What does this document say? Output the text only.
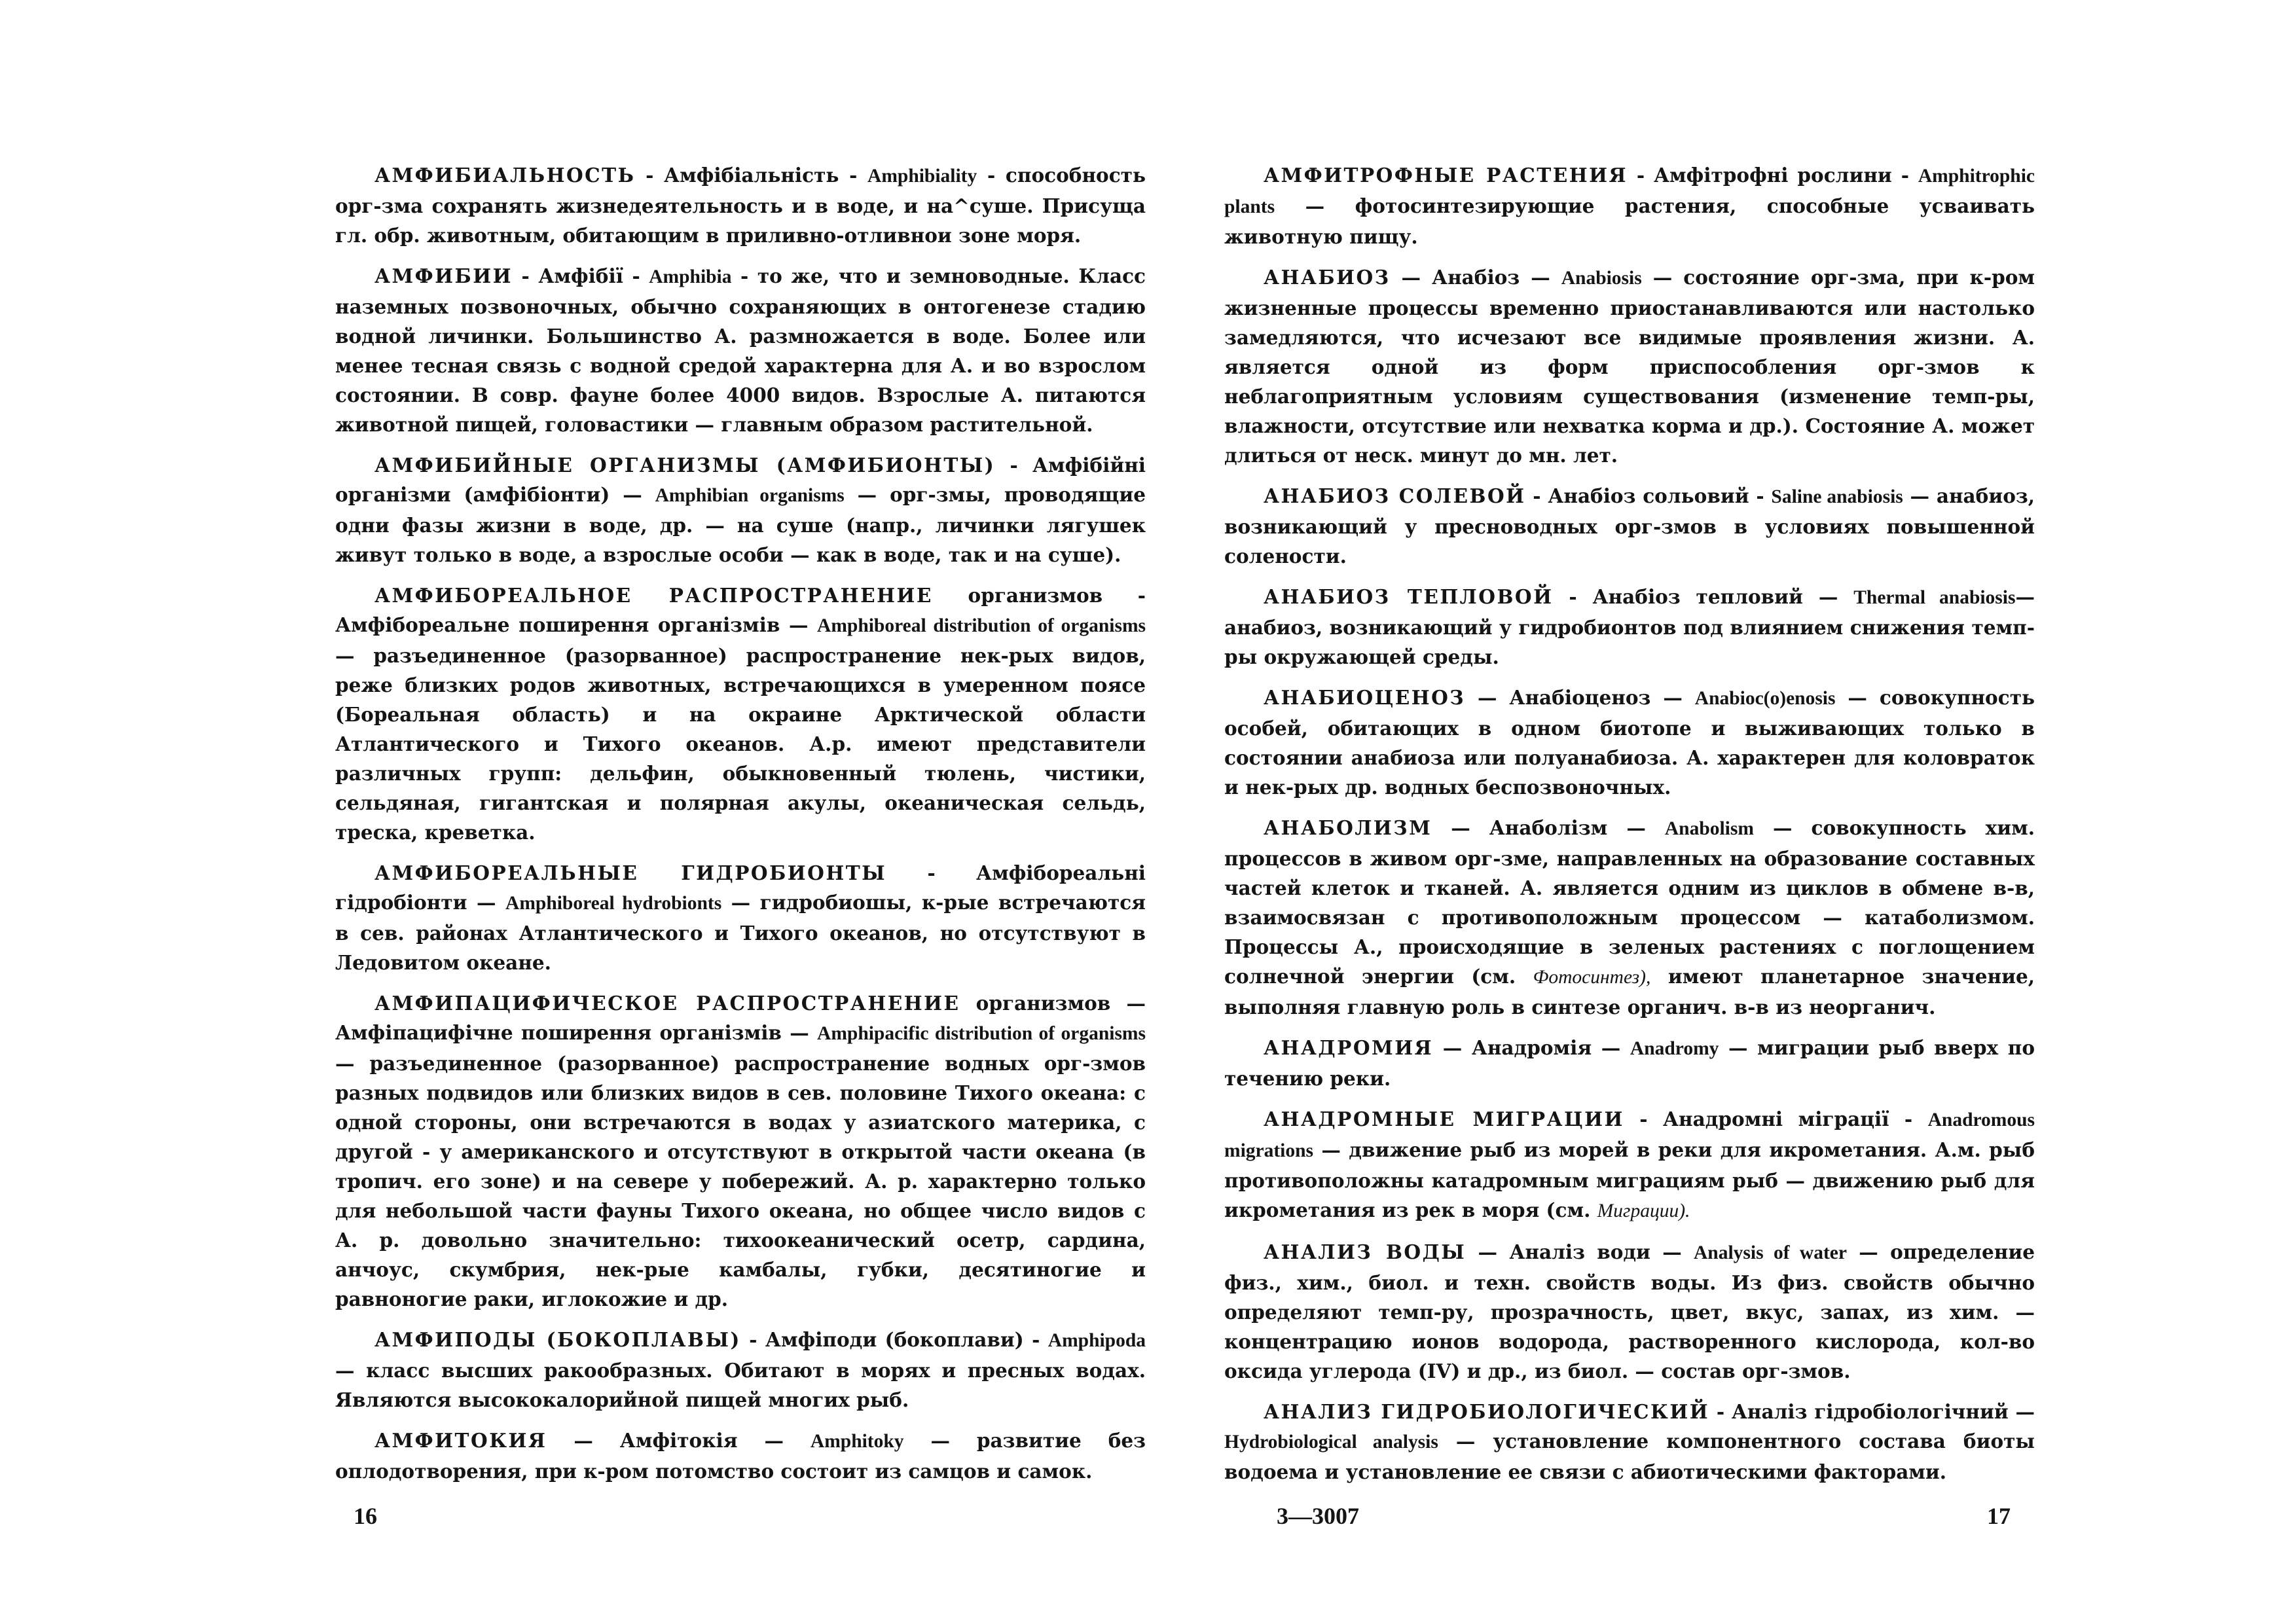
АМФИБИАЛЬНОСТЬ - Амфібіальність - Amphibiality - способность орг-зма сохранять жизнедеятельность и в воде, и на^суше. Присуща гл. обр. животным, обитающим в приливно-отливнои зоне моря.

АМФИБИИ - Амфібії - Amphibia - то же, что и земноводные. Класс наземных позвоночных, обычно сохраняющих в онтогенезе стадию водной личинки. Большинство А. размножается в воде. Более или менее тесная связь с водной средой характерна для А. и во взрослом состоянии. В совр. фауне более 4000 видов. Взрослые А. питаются животной пищей, головастики — главным образом растительной.

АМФИБИЙНЫЕ ОРГАНИЗМЫ (АМФИБИОНТЫ) - Амфібійні організми (амфібіонти) — Amphibian organisms — орг-змы, проводящие одни фазы жизни в воде, др. — на суше (напр., личинки лягушек живут только в воде, а взрослые особи — как в воде, так и на суше).

АМФИБОРЕАЛЬНОЕ РАСПРОСТРАНЕНИЕ организмов - Амфібореальне поширення організмів — Amphiboreal distribution of organisms — разъединенное (разорванное) распространение нек-рых видов, реже близких родов животных, встречающихся в умеренном поясе (Бореальная область) и на окраине Арктической области Атлантического и Тихого океанов. А.р. имеют представители различных групп: дельфин, обыкновенный тюлень, чистики, сельдяная, гигантская и полярная акулы, океаническая сельдь, треска, креветка.

АМФИБОРЕАЛЬНЫЕ ГИДРОБИОНТЫ - Амфібореальні гідробіонти — Amphiboreal hydrobionts — гидробиошы, к-рые встречаются в сев. районах Атлантического и Тихого океанов, но отсутствуют в Ледовитом океане.

АМФИПАЦИФИЧЕСКОЕ РАСПРОСТРАНЕНИЕ организмов — Амфіпацифічне поширення організмів — Amphipacific distribution of organisms — разъединенное (разорванное) распространение водных орг-змов разных подвидов или близких видов в сев. половине Тихого океана: с одной стороны, они встречаются в водах у азиатского материка, с другой - у американского и отсутствуют в открытой части океана (в тропич. его зоне) и на севере у побережий. А. р. характерно только для небольшой части фауны Тихого океана, но общее число видов с А. р. довольно значительно: тихоокеанический осетр, сардина, анчоус, скумбрия, нек-рые камбалы, губки, десятиногие и равноногие раки, иглокожие и др.

АМФИПОДЫ (БОКОПЛАВЫ) - Амфіподи (бокоплави) - Amphipoda — класс высших ракообразных. Обитают в морях и пресных водах. Являются высококалорийной пищей многих рыб.

АМФИТОКИЯ — Амфітокія — Amphitoky — развитие без оплодотворения, при к-ром потомство состоит из самцов и самок.

АМФИТРОФНЫЕ РАСТЕНИЯ - Амфітрофні рослини - Amphitrophic plants — фотосинтезирующие растения, способные усваивать животную пищу.

АНАБИОЗ — Анабіоз — Anabiosis — состояние орг-зма, при к-ром жизненные процессы временно приостанавливаются или настолько замедляются, что исчезают все видимые проявления жизни. А. является одной из форм приспособления орг-змов к неблагоприятным условиям существования (изменение темп-ры, влажности, отсутствие или нехватка корма и др.). Состояние А. может длиться от неск. минут до мн. лет.

АНАБИОЗ СОЛЕВОЙ - Анабіоз сольовий - Saline anabiosis — анабиоз, возникающий у пресноводных орг-змов в условиях повышенной солености.

АНАБИОЗ ТЕПЛОВОЙ - Анабіоз тепловий — Thermal anabiosis— анабиоз, возникающий у гидробионтов под влиянием снижения темп-ры окружающей среды.

АНАБИОЦЕНОЗ — Анабіоценоз — Anabioc(o)enosis — совокупность особей, обитающих в одном биотопе и выживающих только в состоянии анабиоза или полуанабиоза. А. характерен для коловраток и нек-рых др. водных беспозвоночных.

АНАБОЛИЗМ — Анаболізм — Anabolism — совокупность хим. процессов в живом орг-зме, направленных на образование составных частей клеток и тканей. А. является одним из циклов в обмене в-в, взаимосвязан с противоположным процессом — катаболизмом. Процессы А., происходящие в зеленых растениях с поглощением солнечной энергии (см. Фотосинтез), имеют планетарное значение, выполняя главную роль в синтезе органич. в-в из неорганич.

АНАДРОМИЯ — Анадромія — Anadromy — миграции рыб вверх по течению реки.

АНАДРОМНЫЕ МИГРАЦИИ - Анадромні міграції - Anadromous migrations — движение рыб из морей в реки для икрометания. А.м. рыб противоположны катадромным миграциям рыб — движению рыб для икрометания из рек в моря (см. Миграции).

АНАЛИЗ ВОДЫ — Аналіз води — Analysis of water — определение физ., хим., биол. и техн. свойств воды. Из физ. свойств обычно определяют темп-ру, прозрачность, цвет, вкус, запах, из хим. — концентрацию ионов водорода, растворенного кислорода, кол-во оксида углерода (IV) и др., из биол. — состав орг-змов.

АНАЛИЗ ГИДРОБИОЛОГИЧЕСКИЙ - Аналіз гідробіологічний — Hydrobiological analysis — установление компонентного состава биоты водоема и установление ее связи с абиотическими факторами.

16	3—3007	17
